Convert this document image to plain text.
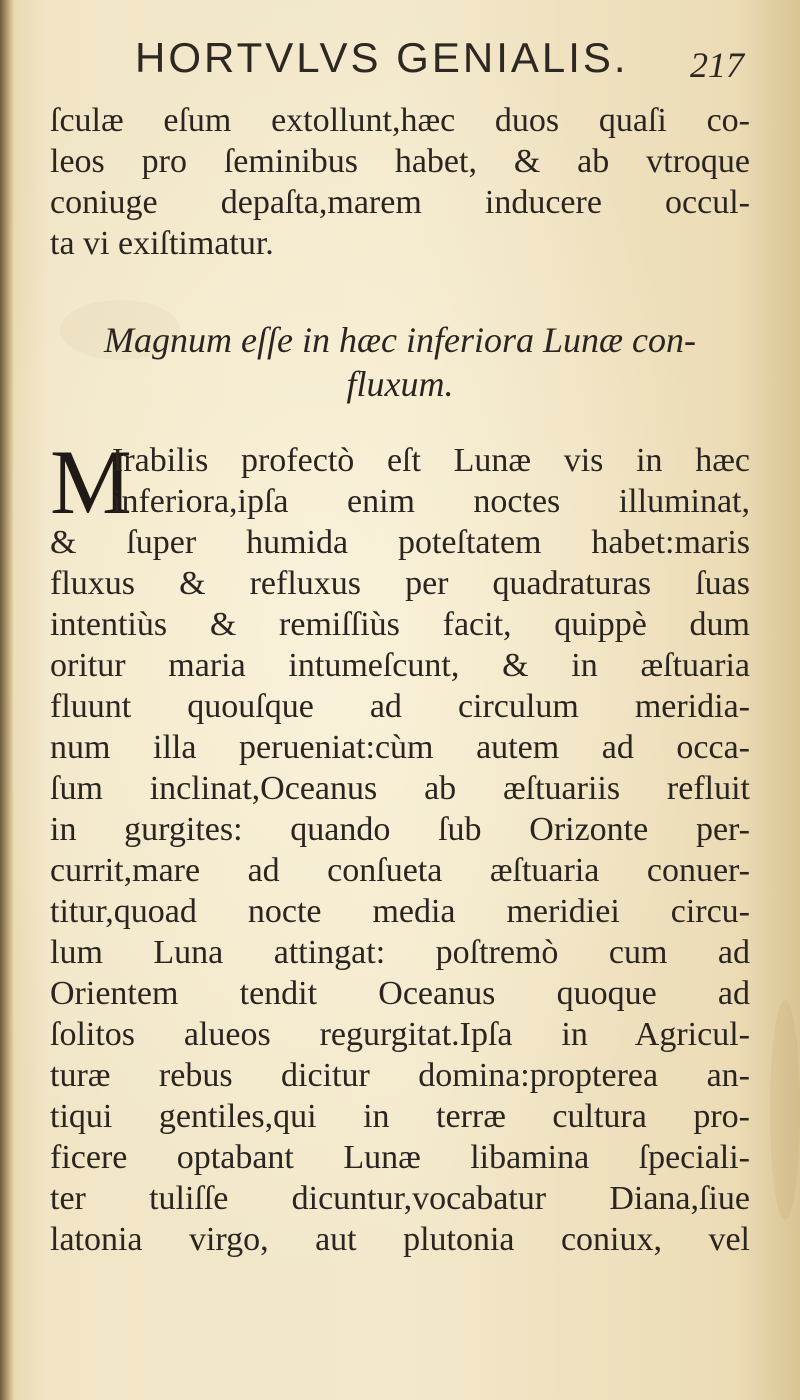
HORTVLVS GENIALIS. 217
ſculæ eſum extollunt,hæc duos quaſi co-
leos pro ſeminibus habet, & ab vtroque
coniuge depaſta,marem inducere occul-
ta vi exiſtimatur.
Magnum eſſe in hæc inferiora Lunæ con-
fluxum.
M
Irabilis profectò eſt Lunæ vis in hæc
inferiora,ipſa enim noctes illuminat,
& ſuper humida poteſtatem habet:maris
fluxus & refluxus per quadraturas ſuas
intentiùs & remiſſiùs facit, quippè dum
oritur maria intumeſcunt, & in æſtuaria
fluunt quouſque ad circulum meridia-
num illa perueniat:cùm autem ad occa-
ſum inclinat,Oceanus ab æſtuariis refluit
in gurgites: quando ſub Orizonte per-
currit,mare ad conſueta æſtuaria conuer-
titur,quoad nocte media meridiei circu-
lum Luna attingat: poſtremò cum ad
Orientem tendit Oceanus quoque ad
ſolitos alueos regurgitat.Ipſa in Agricul-
turæ rebus dicitur domina:propterea an-
tiqui gentiles,qui in terræ cultura pro-
ficere optabant Lunæ libamina ſpeciali-
ter tuliſſe dicuntur,vocabatur Diana,ſiue
latonia virgo, aut plutonia coniux, vel
